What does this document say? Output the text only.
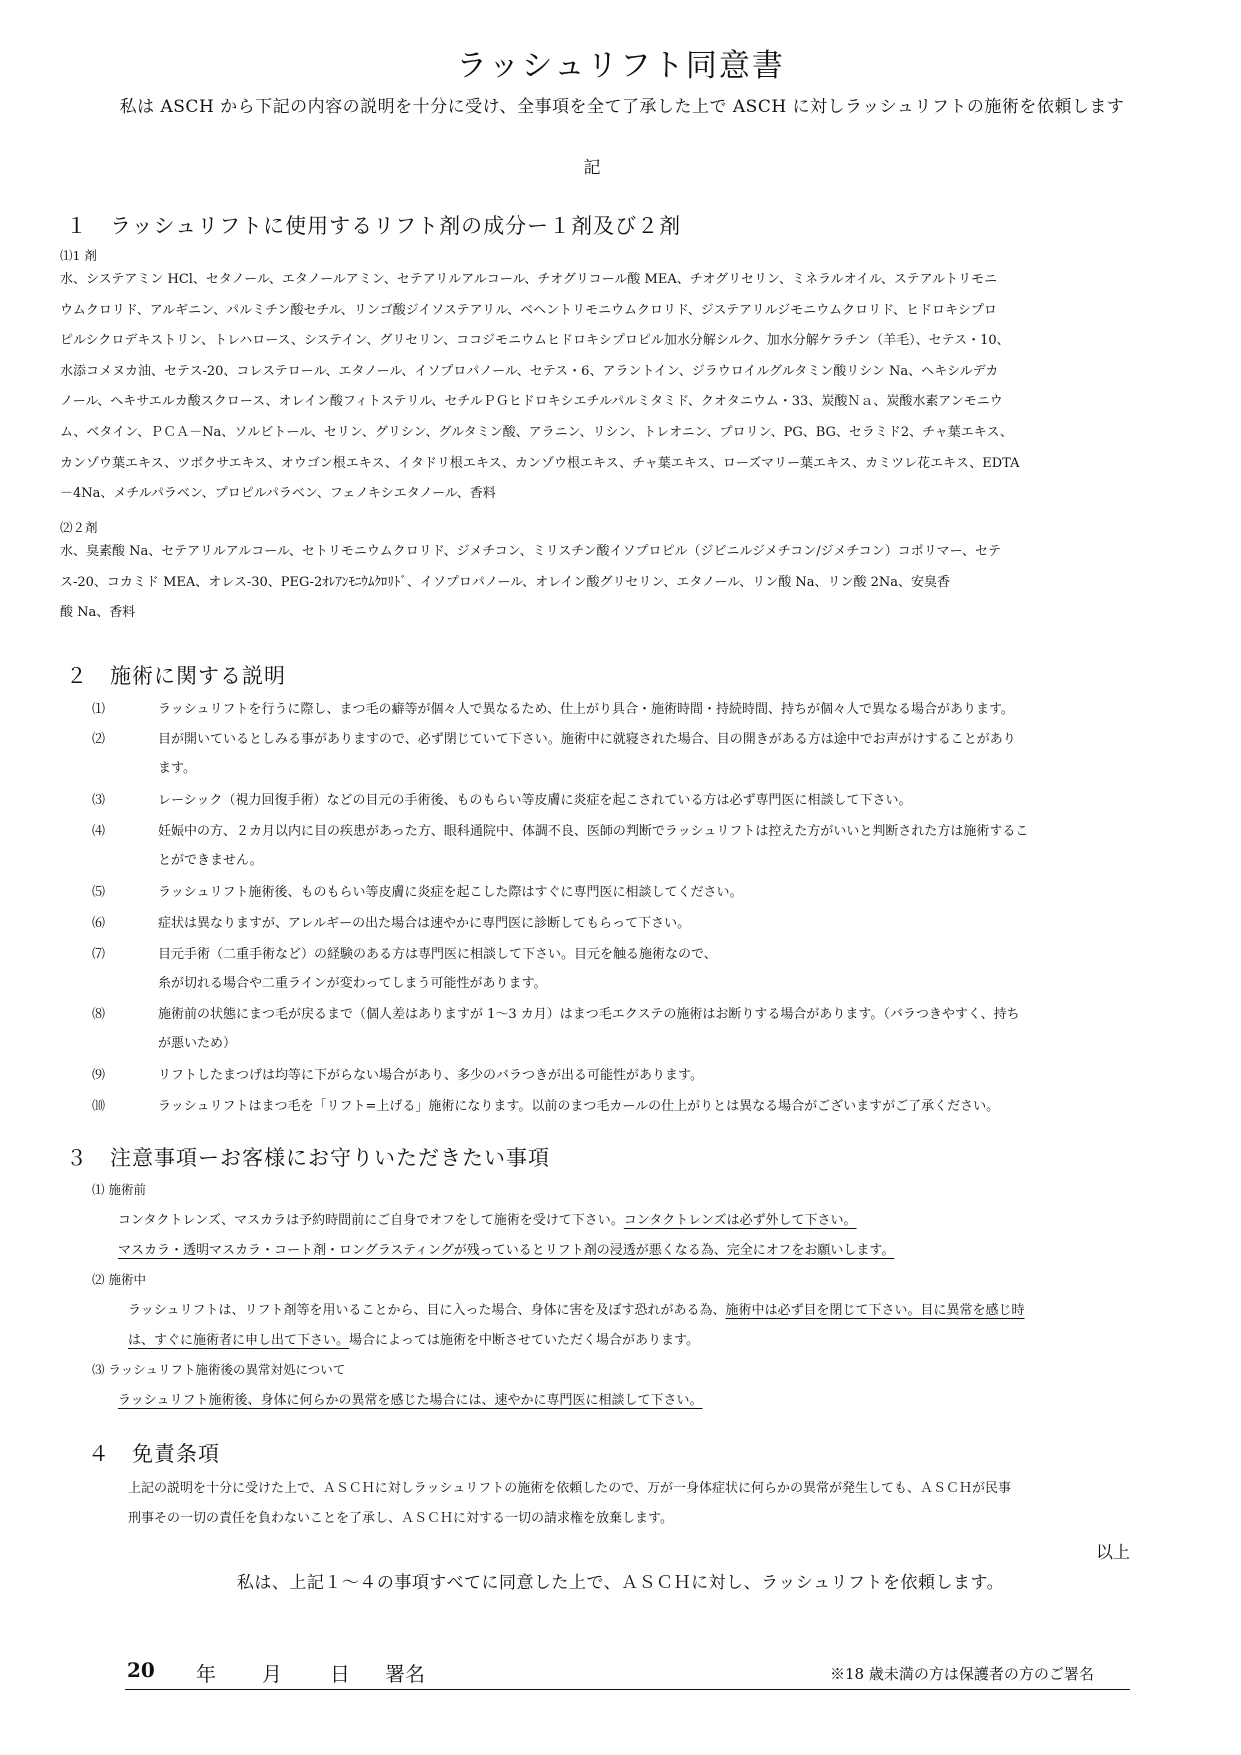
ラッシュリフト同意書
私は ASCH から下記の内容の説明を十分に受け、全事項を全て了承した上で ASCH に対しラッシュリフトの施術を依頼します
記
１　ラッシュリフトに使用するリフト剤の成分ー１剤及び２剤
⑴1 剤
水、システアミン HCl、セタノール、エタノールアミン、セテアリルアルコール、チオグリコール酸 MEA、チオグリセリン、ミネラルオイル、ステアルトリモニ
ウムクロリド、アルギニン、パルミチン酸セチル、リンゴ酸ジイソステアリル、ベヘントリモニウムクロリド、ジステアリルジモニウムクロリド、ヒドロキシプロ
ピルシクロデキストリン、トレハロース、システイン、グリセリン、ココジモニウムヒドロキシプロピル加水分解シルク、加水分解ケラチン（羊毛）、セテス・10、
水添コメヌカ油、セテス-20、コレステロール、エタノール、イソプロパノール、セテス・6、アラントイン、ジラウロイルグルタミン酸リシン Na、ヘキシルデカ
ノール、ヘキサエルカ酸スクロース、オレイン酸フィトステリル、セチルＰＧヒドロキシエチルパルミタミド、クオタニウム・33、炭酸Ｎａ、炭酸水素アンモニウ
ム、ベタイン、ＰＣＡ－Na、ソルビトール、セリン、グリシン、グルタミン酸、アラニン、リシン、トレオニン、プロリン、PG、BG、セラミド2、チャ葉エキス、
カンゾウ葉エキス、ツボクサエキス、オウゴン根エキス、イタドリ根エキス、カンゾウ根エキス、チャ葉エキス、ローズマリー葉エキス、カミツレ花エキス、EDTA
－4Na、メチルパラベン、プロピルパラベン、フェノキシエタノール、香料
⑵２剤
水、臭素酸 Na、セテアリルアルコール、セトリモニウムクロリド、ジメチコン、ミリスチン酸イソプロピル（ジビニルジメチコン/ジメチコン）コポリマー、セテ
ス-20、コカミド MEA、オレス-30、PEG-2ｵﾚｱﾝﾓﾆｳﾑｸﾛﾘﾄﾞ、イソプロパノール、オレイン酸グリセリン、エタノール、リン酸 Na、リン酸 2Na、安臭香
酸 Na、香料
２　施術に関する説明
⑴	ラッシュリフトを行うに際し、まつ毛の癖等が個々人で異なるため、仕上がり具合・施術時間・持続時間、持ちが個々人で異なる場合があります。
⑵	目が開いているとしみる事がありますので、必ず閉じていて下さい。施術中に就寝された場合、目の開きがある方は途中でお声がけすることがあり
ます。
⑶	レーシック（視力回復手術）などの目元の手術後、ものもらい等皮膚に炎症を起こされている方は必ず専門医に相談して下さい。
⑷	妊娠中の方、２カ月以内に目の疾患があった方、眼科通院中、体調不良、医師の判断でラッシュリフトは控えた方がいいと判断された方は施術するこ
とができません。
⑸	ラッシュリフト施術後、ものもらい等皮膚に炎症を起こした際はすぐに専門医に相談してください。
⑹	症状は異なりますが、アレルギーの出た場合は速やかに専門医に診断してもらって下さい。
⑺	目元手術（二重手術など）の経験のある方は専門医に相談して下さい。目元を触る施術なので、
糸が切れる場合や二重ラインが変わってしまう可能性があります。
⑻	施術前の状態にまつ毛が戻るまで（個人差はありますが 1～3 カ月）はまつ毛エクステの施術はお断りする場合があります。（バラつきやすく、持ち
が悪いため）
⑼	リフトしたまつげは均等に下がらない場合があり、多少のバラつきが出る可能性があります。
⑽	ラッシュリフトはまつ毛を「リフト=上げる」施術になります。以前のまつ毛カールの仕上がりとは異なる場合がございますがご了承ください。
３　注意事項ーお客様にお守りいただきたい事項
⑴ 施術前
コンタクトレンズ、マスカラは予約時間前にご自身でオフをして施術を受けて下さい。コンタクトレンズは必ず外して下さい。
マスカラ・透明マスカラ・コート剤・ロングラスティングが残っているとリフト剤の浸透が悪くなる為、完全にオフをお願いします。
⑵ 施術中
ラッシュリフトは、リフト剤等を用いることから、目に入った場合、身体に害を及ぼす恐れがある為、施術中は必ず目を閉じて下さい。目に異常を感じ時
は、すぐに施術者に申し出て下さい。場合によっては施術を中断させていただく場合があります。
⑶ ラッシュリフト施術後の異常対処について
ラッシュリフト施術後、身体に何らかの異常を感じた場合には、速やかに専門医に相談して下さい。
４　免責条項
上記の説明を十分に受けた上で、ＡＳＣＨに対しラッシュリフトの施術を依頼したので、万が一身体症状に何らかの異常が発生しても、ＡＳＣＨが民事
刑事その一切の責任を負わないことを了承し、ＡＳＣＨに対する一切の請求権を放棄します。
以上
私は、上記１～４の事項すべてに同意した上で、ＡＳＣＨに対し、ラッシュリフトを依頼します。
20 年 月 日 署名	※18 歳未満の方は保護者の方のご署名
